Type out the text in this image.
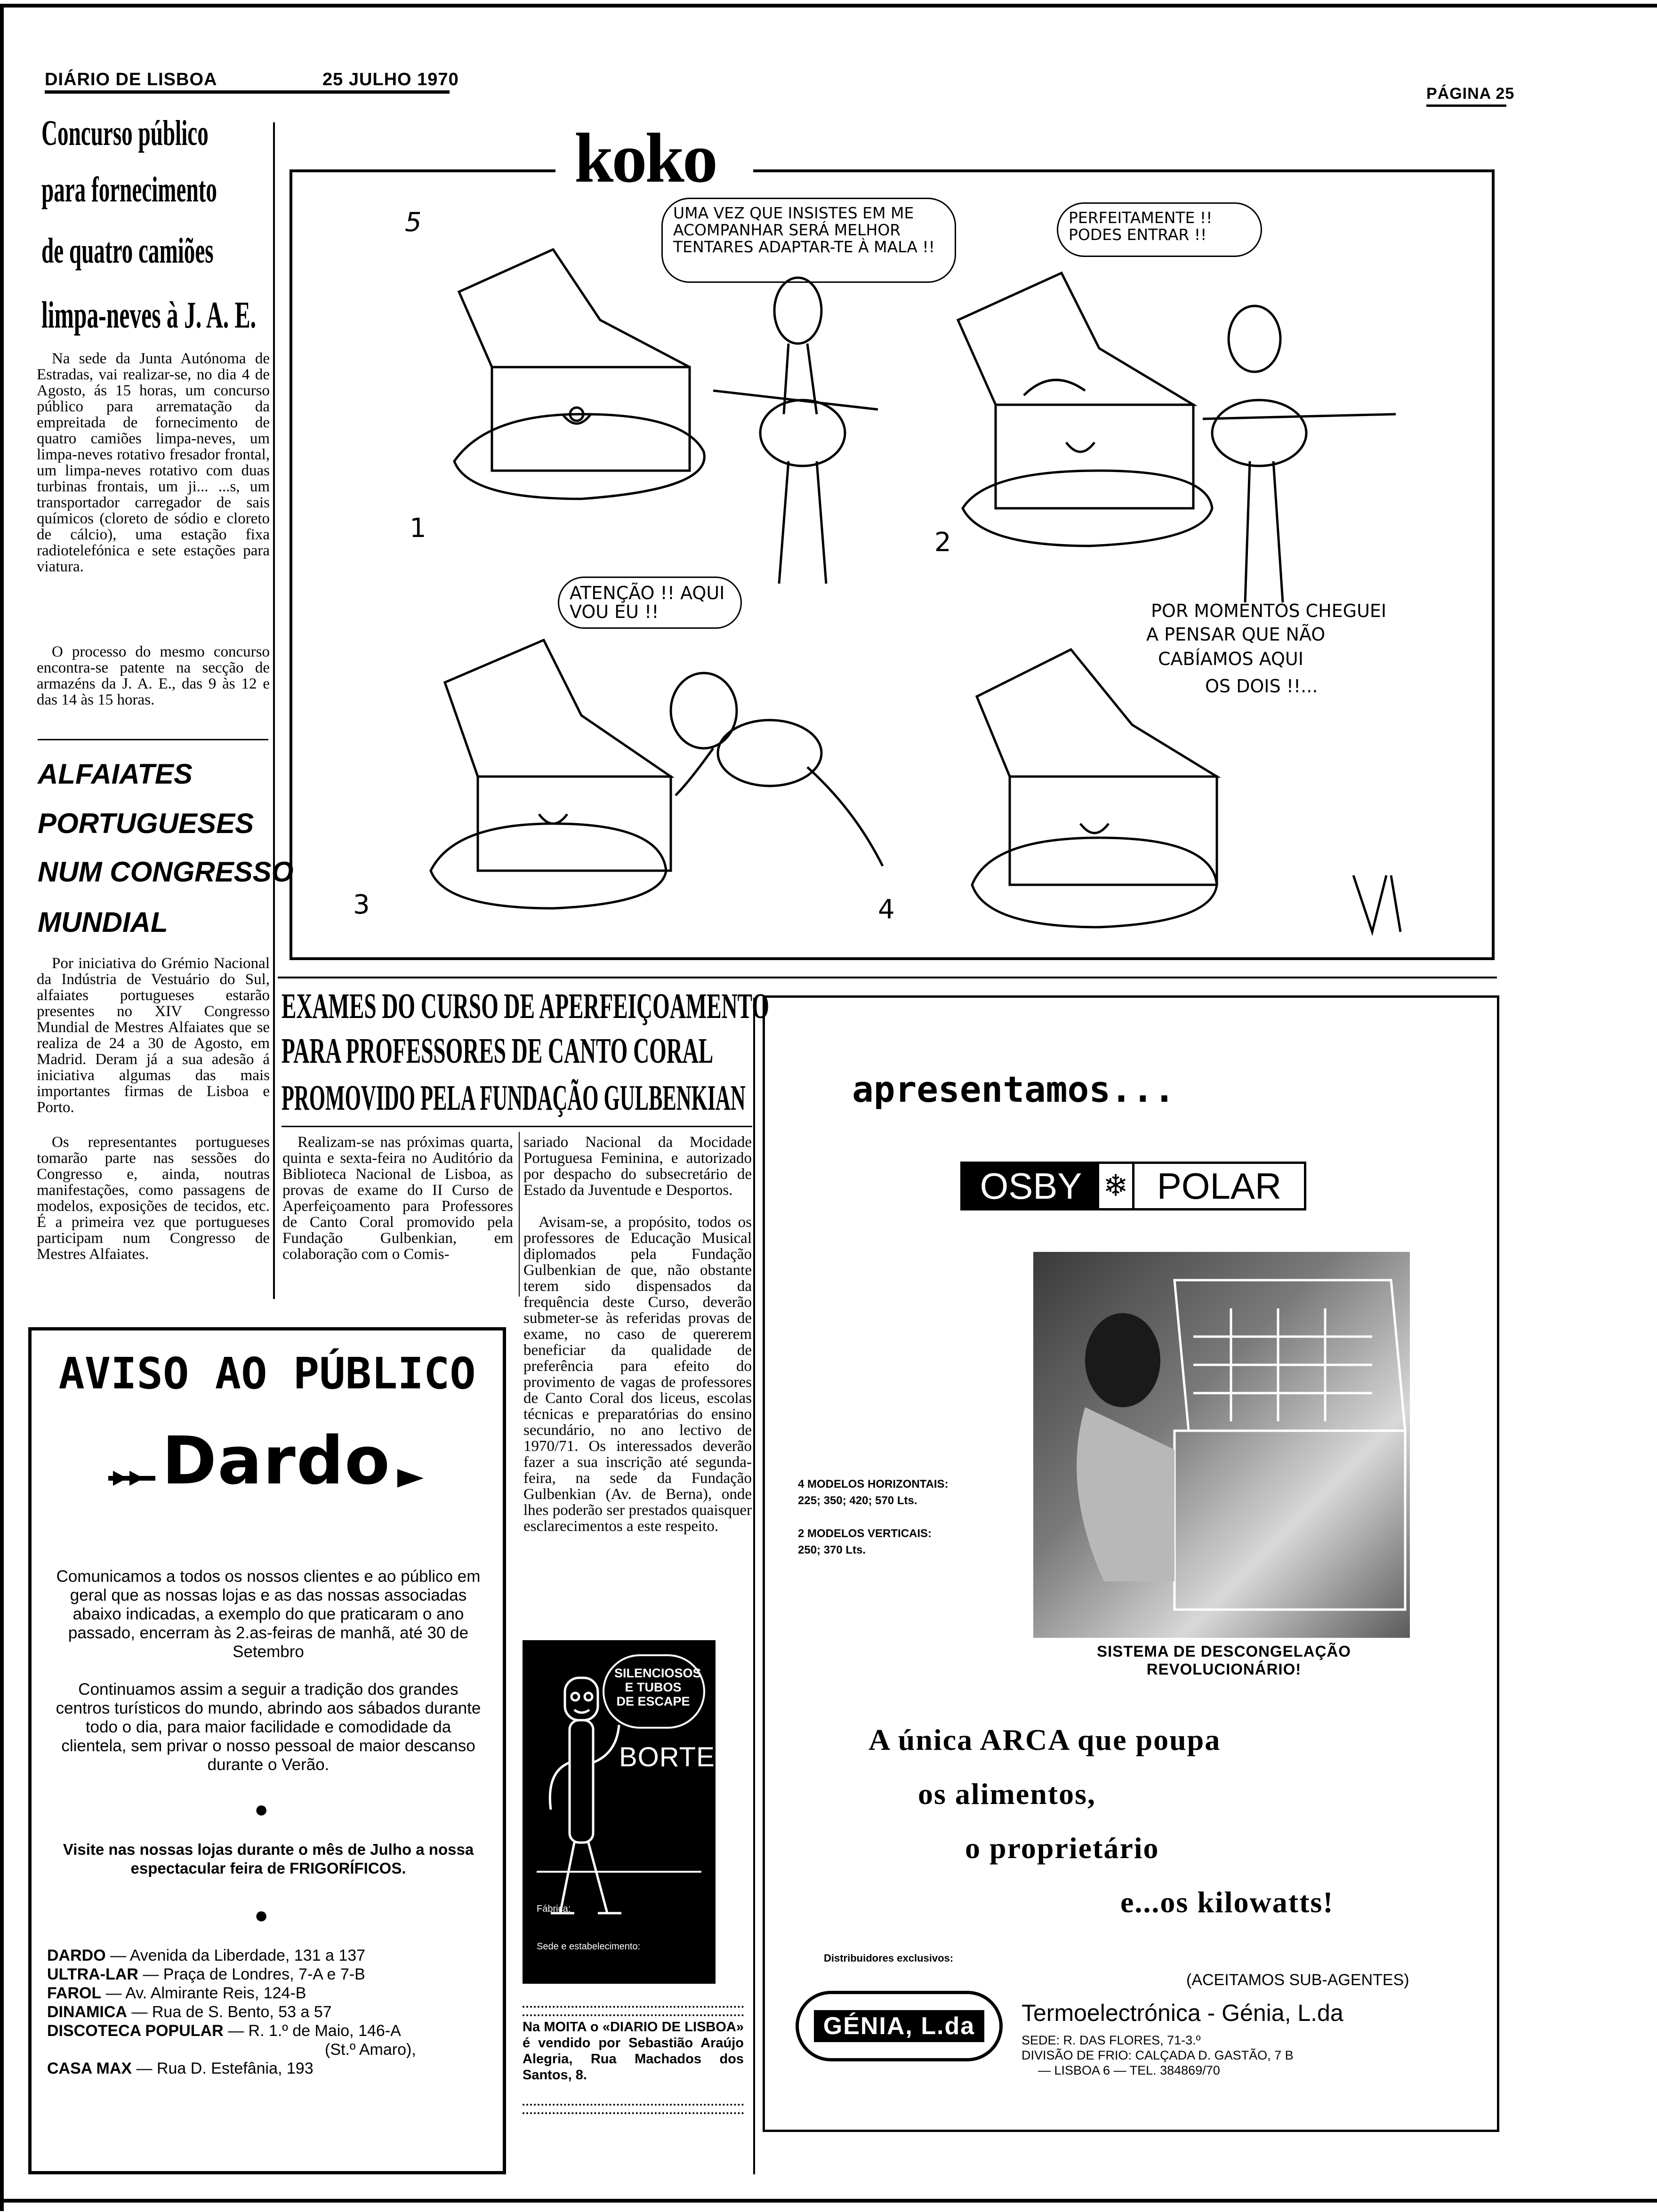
DIÁRIO DE LISBOA	25 JULHO 1970
PÁGINA 25
Concurso público
para fornecimento
de quatro camiões
limpa-neves à J. A. E.
Na sede da Junta Autónoma de Estradas, vai realizar-se, no dia 4 de Agosto, ás 15 horas, um concurso público para arrematação da empreitada de fornecimento de quatro camiões limpa-neves, um limpa-neves rotativo fresador frontal, um limpa-neves rotativo com duas turbinas frontais, um ji... ...s, um transportador carregador de sais químicos (cloreto de sódio e cloreto de cálcio), uma estação fixa radiotelefónica e sete estações para viatura.
O processo do mesmo concurso encontra-se patente na secção de armazéns da J. A. E., das 9 às 12 e das 14 às 15 horas.
ALFAIATES
PORTUGUESES
NUM CONGRESSO
MUNDIAL
Por iniciativa do Grémio Nacional da Indústria de Vestuário do Sul, alfaiates portugueses estarão presentes no XIV Congresso Mundial de Mestres Alfaiates que se realiza de 24 a 30 de Agosto, em Madrid. Deram já a sua adesão á iniciativa algumas das mais importantes firmas de Lisboa e Porto.
Os representantes portugueses tomarão parte nas sessões do Congresso e, ainda, noutras manifestações, como passagens de modelos, exposições de tecidos, etc. É a primeira vez que portugueses participam num Congresso de Mestres Alfaiates.
koko
5
1	2
3	4
UMA VEZ QUE INSISTES EM ME ACOMPANHAR SERÁ MELHOR TENTARES ADAPTAR-TE À MALA !!
PERFEITAMENTE !! PODES ENTRAR !!
ATENÇÃO !! AQUI VOU EU !!	POR MOMENTOS CHEGUEI
A PENSAR QUE NÃO
CABÍAMOS AQUI
OS DOIS !!...
EXAMES DO CURSO DE APERFEIÇOAMENTO
PARA PROFESSORES DE CANTO CORAL
PROMOVIDO PELA FUNDAÇÃO GULBENKIAN
Realizam-se nas próximas quarta, quinta e sexta-feira no Auditório da Biblioteca Nacional de Lisboa, as provas de exame do II Curso de Aperfeiçoamento para Professores de Canto Coral promovido pela Fundação Gulbenkian, em colaboração com o Comis-
sariado Nacional da Mocidade Portuguesa Feminina, e autorizado por despacho do subsecretário de Estado da Juventude e Desportos.
Avisam-se, a propósito, todos os professores de Educação Musical diplomados pela Fundação Gulbenkian de que, não obstante terem sido dispensados da frequência deste Curso, deverão submeter-se às referidas provas de exame, no caso de quererem beneficiar da qualidade de preferência para efeito do provimento de vagas de professores de Canto Coral dos liceus, escolas técnicas e preparatórias do ensino secundário, no ano lectivo de 1970/71. Os interessados deverão fazer a sua inscrição até segunda-feira, na sede da Fundação Gulbenkian (Av. de Berna), onde lhes poderão ser prestados quaisquer esclarecimentos a este respeito.
AVISO AO PÚBLICO
Dardo
Comunicamos a todos os nossos clientes e ao público em geral que as nossas lojas e as das nossas associadas abaixo indicadas, a exemplo do que praticaram o ano passado, encerram às 2.as-feiras de manhã, até 30 de Setembro
Continuamos assim a seguir a tradição dos grandes centros turísticos do mundo, abrindo aos sábados durante todo o dia, para maior facilidade e comodidade da clientela, sem privar o nosso pessoal de maior descanso durante o Verão.
●
Visite nas nossas lojas durante o mês de Julho a nossa espectacular feira de FRIGORÍFICOS.
●
DARDO — Avenida da Liberdade, 131 a 137
ULTRA-LAR — Praça de Londres, 7-A e 7-B
FAROL — Av. Almirante Reis, 124-B
DINAMICA — Rua de S. Bento, 53 a 57
DISCOTECA POPULAR — R. 1.º de Maio, 146-A
(St.º Amaro),
CASA MAX — Rua D. Estefânia, 193
SILENCIOSOS E TUBOS DE ESCAPE
BORTEX
Fábrica:
Sede e estabelecimento:
Na MOITA o «DIARIO DE LISBOA» é vendido por Sebastião Araújo Alegria, Rua Machados dos Santos, 8.
apresentamos...
OSBY ❄ POLAR
4 MODELOS HORIZONTAIS:
225; 350; 420; 570 Lts.
2 MODELOS VERTICAIS:
250; 370 Lts.
SISTEMA DE DESCONGELAÇÃO REVOLUCIONÁRIO!
A única ARCA que poupa
os alimentos,
o proprietário
e...os kilowatts!
Distribuidores exclusivos:
(ACEITAMOS SUB-AGENTES)
GÉNIA, L.da	Termoelectrónica - Génia, L.da
SEDE: R. DAS FLORES, 71-3.º
DIVISÃO DE FRIO: CALÇADA D. GASTÃO, 7 B
— LISBOA 6 — TEL. 384869/70
